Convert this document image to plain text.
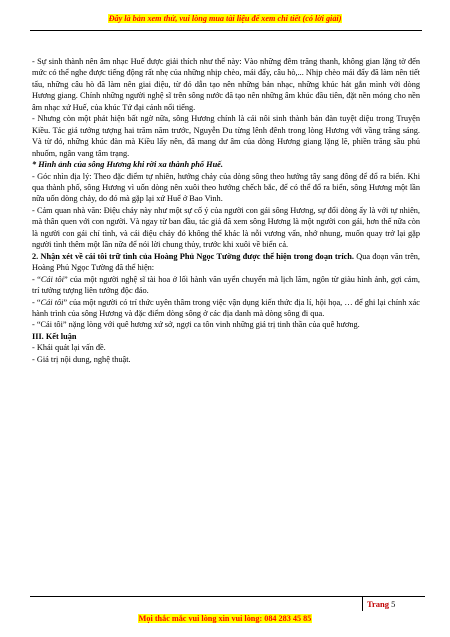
Đây là bản xem thử, vui lòng mua tài liệu để xem chi tiết (có lời giải)

- Sự sinh thành nên âm nhạc Huế được giải thích như thế này: Vào những đêm trăng thanh, không gian lặng tờ đến mức có thể nghe được tiếng động rất nhẹ của những nhịp chèo, mái đẩy, câu hò,... Nhịp chèo mái đẩy đã làm nên tiết tấu, những câu hò đã làm nên giai điệu, từ đó dẫn tạo nên những bản nhạc, những khúc hát gắn mình với dòng Hương giang. Chính những người nghệ sĩ trên sông nước đã tạo nên những âm khúc đầu tiên, đặt nền móng cho nền âm nhạc xứ Huế, của khúc Tứ đại cảnh nổi tiếng.

- Nhưng còn một phát hiện bất ngờ nữa, sông Hương chính là cái nôi sinh thành bản đàn tuyệt diệu trong Truyện Kiều. Tác giả tưởng tượng hai trăm năm trước, Nguyễn Du từng lênh đênh trong lòng Hương với vầng trăng sáng. Và từ đó, những khúc đàn mà Kiều lấy nên, đã mang dư âm của dòng Hương giang lặng lẽ, phiền trăng sầu phủ nhuốm, ngân vang tâm trạng.

* Hình ảnh của sông Hương khi rời xa thành phố Huế.

- Góc nhìn địa lý: Theo đặc điểm tự nhiên, hướng chảy của dòng sông theo hướng tây sang đông để đổ ra biển. Khi qua thành phố, sông Hương vì uốn dòng nên xuôi theo hướng chếch bắc, để có thể đổ ra biển, sông Hương một lần nữa uốn dòng chảy, do đó mà gặp lại xứ Huế ở Bao Vinh.

- Cảm quan nhà văn: Điệu chảy này như một sự cố ý của người con gái sông Hương, sự đổi dòng ấy là với tự nhiên, mà thân quen với con người. Và ngay từ ban đầu, tác giả đã xem sông Hương là một người con gái, hơn thế nữa còn là người con gái chí tình, và cái điệu chảy đó không thể khác là nỗi vương vấn, nhớ nhung, muốn quay trở lại gặp người tình thêm một lần nữa để nói lời chung thủy, trước khi xuôi về biển cả.

2. Nhận xét về cái tôi trữ tình của Hoàng Phủ Ngọc Tường được thể hiện trong đoạn trích. Qua đoạn văn trên, Hoàng Phủ Ngọc Tường đã thể hiện:

- “Cái tôi” của một người nghệ sĩ tài hoa ở lối hành văn uyển chuyển mà lịch lãm, ngôn từ giàu hình ảnh, gợi cảm, trí tưởng tượng liên tưởng độc đáo.

- “Cái tôi” của một người có trí thức uyên thâm trong việc vận dụng kiến thức địa lí, hội họa, … để ghi lại chính xác hành trình của sông Hương và đặc điểm dòng sông ở các địa danh mà dòng sông đi qua.

- “Cái tôi” nặng lòng với quê hương xứ sở, ngợi ca tôn vinh những giá trị tinh thần của quê hương.

III. Kết luận

- Khái quát lại vấn đề.

- Giá trị nội dung, nghệ thuật.

Trang 5
Mọi thắc mắc vui lòng xin vui lòng: 084 283 45 85
